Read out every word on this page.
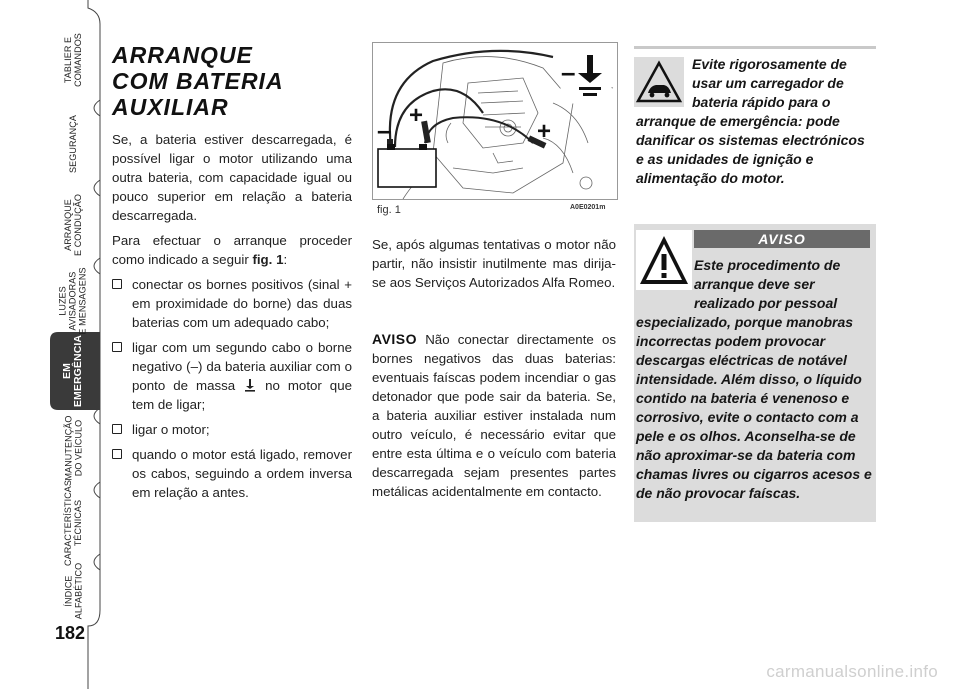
TABLIER E
COMANDOS
SEGURANÇA
ARRANQUE
E CONDUÇÃO
LUZES
AVISADORAS
E MENSAGENS
EM
EMERGÊNCIA
MANUTENÇÃO
DO VEÍCULO
CARACTERÍSTICAS
TÉCNICAS
ÍNDICE
ALFABÉTICO
182
ARRANQUE
COM BATERIA
AUXILIAR

Se, a bateria estiver descarregada, é possível ligar o motor utilizando uma outra bateria, com capacidade igual ou pouco superior em relação a bateria descarregada.

Para efectuar o arranque proceder como indicado a seguir fig. 1:

conectar os bornes positivos (sinal + em proximidade do borne) das duas baterias com um adequado cabo;
ligar com um segundo cabo o borne negativo (–) da bateria auxiliar com o ponto de massa no motor que tem de ligar;
ligar o motor;
quando o motor está ligado, remover os cabos, seguindo a ordem inversa em relação a antes.
– +
+
–
fig. 1	A0E0201m

Se, após algumas tentativas o motor não partir, não insistir inutilmente mas dirija-se aos Serviços Autorizados Alfa Romeo.

AVISO Não conectar directamente os bornes negativos das duas baterias: eventuais faíscas podem incendiar o gas detonador que pode sair da bateria. Se, a bateria auxiliar estiver instalada num outro veículo, é necessário evitar que entre esta última e o veículo com bateria descarregada sejam presentes partes metálicas acidentalmente em contacto.

Evite rigorosamente de usar um carregador de bateria rápido para o arranque de emergência: pode danificar os sistemas electrónicos e as unidades de ignição e alimentação do motor.
AVISO
Este procedimento de arranque deve ser realizado por pessoal especializado, porque manobras incorrectas podem provocar descargas eléctricas de notável intensidade. Além disso, o líquido contido na bateria é venenoso e corrosivo, evite o contacto com a pele e os olhos. Aconselha-se de não aproximar-se da bateria com chamas livres ou cigarros acesos e de não provocar faíscas.
carmanualsonline.info
